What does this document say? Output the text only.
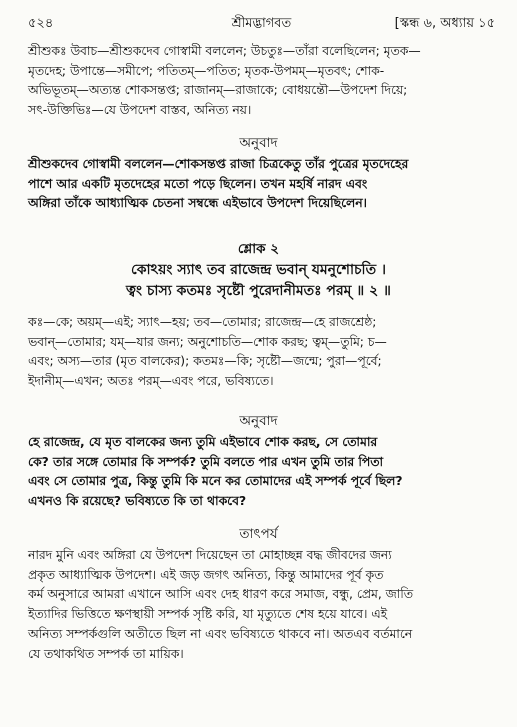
৫২৪	শ্রীমদ্ভাগবত	[স্কন্ধ ৬, অধ্যায় ১৫
শ্রীশুকঃ উবাচ—শ্রীশুকদেব গোস্বামী বললেন; উচতুঃ—তাঁরা বলেছিলেন; মৃতক—
মৃতদেহ; উপান্তে—সমীপে; পতিতম্—পতিত; মৃতক-উপমম্—মৃতবৎ; শোক-
অভিভূতম্—অত্যন্ত শোকসন্তপ্ত; রাজানম্—রাজাকে; বোধয়ন্তৌ—উপদেশ দিয়ে;
সৎ-উক্তিভিঃ—যে উপদেশ বাস্তব, অনিত্য নয়।
অনুবাদ
শ্রীশুকদেব গোস্বামী বললেন—শোকসন্তপ্ত রাজা চিত্রকেতু তাঁর পুত্রের মৃতদেহের
পাশে আর একটি মৃতদেহের মতো পড়ে ছিলেন। তখন মহর্ষি নারদ এবং
অঙ্গিরা তাঁকে আধ্যাত্মিক চেতনা সম্বন্ধে এইভাবে উপদেশ দিয়েছিলেন।
শ্লোক ২
কোঽয়ং স্যাৎ তব রাজেন্দ্র ভবান্ যমনুশোচতি ।
ত্বং চাস্য কতমঃ সৃষ্টৌ পুরেদানীমতঃ পরম্ ॥ ২ ॥
কঃ—কে; অয়ম্—এই; স্যাৎ—হয়; তব—তোমার; রাজেন্দ্র—হে রাজশ্রেষ্ঠ;
ভবান্—তোমার; যম্—যার জন্য; অনুশোচতি—শোক করছ; ত্বম্—তুমি; চ—
এবং; অস্য—তার (মৃত বালকের); কতমঃ—কি; সৃষ্টৌ—জন্মে; পুরা—পূর্বে;
ইদানীম্—এখন; অতঃ পরম্—এবং পরে, ভবিষ্যতে।
অনুবাদ
হে রাজেন্দ্র, যে মৃত বালকের জন্য তুমি এইভাবে শোক করছ, সে তোমার
কে? তার সঙ্গে তোমার কি সম্পর্ক? তুমি বলতে পার এখন তুমি তার পিতা
এবং সে তোমার পুত্র, কিন্তু তুমি কি মনে কর তোমাদের এই সম্পর্ক পূর্বে ছিল?
এখনও কি রয়েছে? ভবিষ্যতে কি তা থাকবে?
তাৎপর্য
নারদ মুনি এবং অঙ্গিরা যে উপদেশ দিয়েছেন তা মোহাচ্ছন্ন বদ্ধ জীবদের জন্য
প্রকৃত আধ্যাত্মিক উপদেশ। এই জড় জগৎ অনিত্য, কিন্তু আমাদের পূর্ব কৃত
কর্ম অনুসারে আমরা এখানে আসি এবং দেহ ধারণ করে সমাজ, বন্ধু, প্রেম, জাতি
ইত্যাদির ভিত্তিতে ক্ষণস্থায়ী সম্পর্ক সৃষ্টি করি, যা মৃত্যুতে শেষ হয়ে যাবে। এই
অনিত্য সম্পর্কগুলি অতীতে ছিল না এবং ভবিষ্যতে থাকবে না। অতএব বর্তমানে
যে তথাকথিত সম্পর্ক তা মায়িক।
